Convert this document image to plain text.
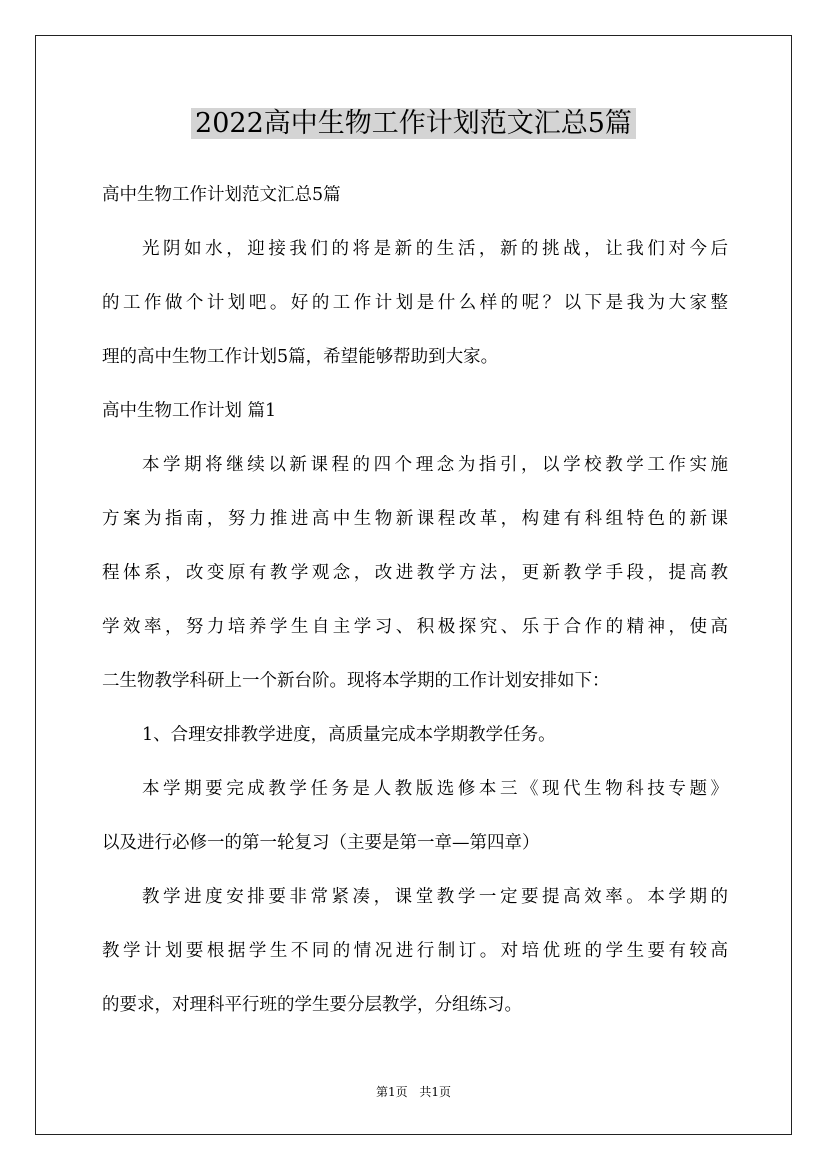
2022高中生物工作计划范文汇总5篇
高中生物工作计划范文汇总5篇
光阴如水，迎接我们的将是新的生活，新的挑战，让我们对今后
的工作做个计划吧。好的工作计划是什么样的呢？以下是我为大家整
理的高中生物工作计划5篇，希望能够帮助到大家。
高中生物工作计划 篇1
本学期将继续以新课程的四个理念为指引，以学校教学工作实施
方案为指南，努力推进高中生物新课程改革，构建有科组特色的新课
程体系，改变原有教学观念，改进教学方法，更新教学手段，提高教
学效率，努力培养学生自主学习、积极探究、乐于合作的精神，使高
二生物教学科研上一个新台阶。现将本学期的工作计划安排如下：
1、合理安排教学进度，高质量完成本学期教学任务。
本学期要完成教学任务是人教版选修本三《现代生物科技专题》
以及进行必修一的第一轮复习（主要是第一章—第四章）
教学进度安排要非常紧凑，课堂教学一定要提高效率。本学期的
教学计划要根据学生不同的情况进行制订。对培优班的学生要有较高
的要求，对理科平行班的学生要分层教学，分组练习。
第1页 共1页
